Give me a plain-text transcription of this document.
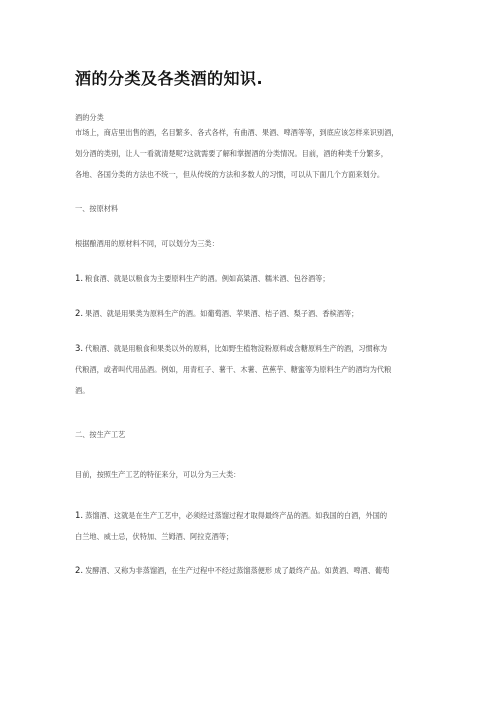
酒的分类及各类酒的知识.
酒的分类
市场上，商店里出售的酒，名目繁多、各式各样，有曲酒、果酒、啤酒等等，到底应该怎样来识别酒，
划分酒的类别，让人一看就清楚呢?这就需要了解和掌握酒的分类情况。目前，酒的种类千分繁多，
各地、各国分类的方法也不统一，但从传统的方法和多数人的习惯，可以从下面几个方面来划分。
一、按原材料
根据酿酒用的原材料不同，可以划分为三类：
1. 粮食酒、就是以粮食为主要原料生产的酒。例如高粱酒、糯米酒、包谷酒等；
2. 果酒、就是用果类为原料生产的酒。如葡萄酒、苹果酒、桔子酒、梨子酒、香槟酒等；
3. 代粮酒、就是用粮食和果类以外的原料，比如野生植物淀粉原料或含糖原料生产的酒，习惯称为
代粮酒，或者叫代用品酒。例如，用青杠子、薯干、木薯、芭蕉芋、糖蜜等为原料生产的酒均为代粮
酒。
二、按生产工艺
目前，按照生产工艺的特征来分，可以分为三大类：
1. 蒸馏酒、这就是在生产工艺中，必须经过蒸馏过程才取得最终产品的酒。如我国的白酒，外国的
白兰地、威士忌，伏特加、兰姆酒、阿拉克酒等；
2. 发酵酒、又称为非蒸馏酒，在生产过程中不经过蒸馏蒸便形 成了最终产品。如黄酒、啤酒、葡萄
